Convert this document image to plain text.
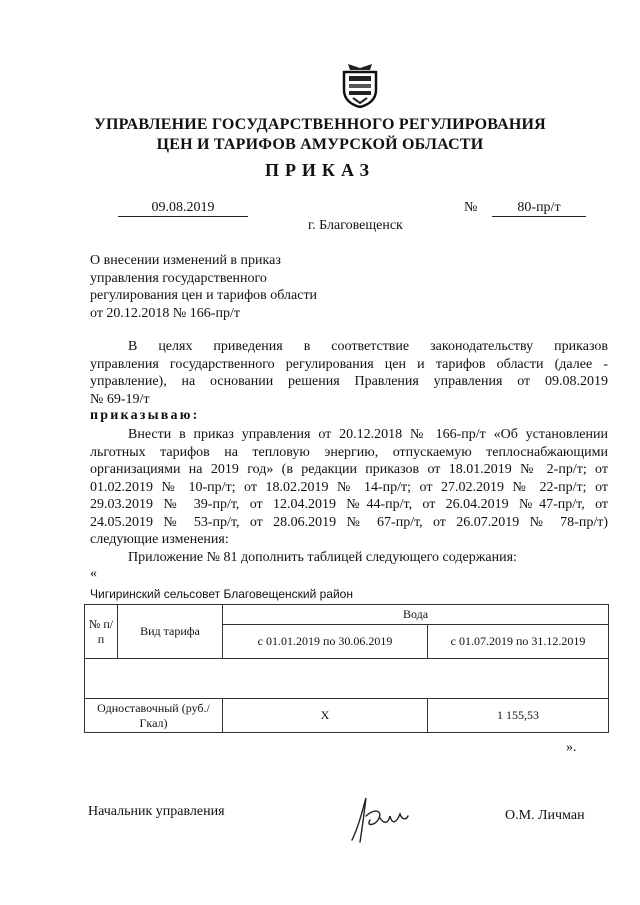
УПРАВЛЕНИЕ ГОСУДАРСТВЕННОГО РЕГУЛИРОВАНИЯ
ЦЕН И ТАРИФОВ АМУРСКОЙ ОБЛАСТИ
ПРИКАЗ
09.08.2019	№	80-пр/т
г. Благовещенск
О внесении изменений в приказ
управления государственного
регулирования цен и тарифов области
от 20.12.2018 № 166-пр/т
В целях приведения в соответствие законодательству приказов
управления государственного регулирования цен и тарифов области (далее -
управление), на основании решения Правления управления от 09.08.2019
№ 69-19/т
приказываю:
Внести в приказ управления от 20.12.2018 № 166-пр/т «Об установлении
льготных тарифов на тепловую энергию, отпускаемую теплоснабжающими
организациями на 2019 год» (в редакции приказов от 18.01.2019 № 2-пр/т; от
01.02.2019 № 10-пр/т; от 18.02.2019 № 14-пр/т; от 27.02.2019 № 22-пр/т; от
29.03.2019 № 39-пр/т, от 12.04.2019 №44-пр/т, от 26.04.2019 №47-пр/т, от
24.05.2019 № 53-пр/т, от 28.06.2019 № 67-пр/т, от 26.07.2019 № 78-пр/т)
следующие изменения:
Приложение № 81 дополнить таблицей следующего содержания:
«
Чигиринский сельсовет Благовещенский район
№ п/п	Вид тарифа	Вода	
		с 01.01.2019 по 30.06.2019	с 01.07.2019 по 31.12.2019

Одноставочный (руб./Гкал)		Х	1 155,53
».
Начальник управления	О.М. Личман
